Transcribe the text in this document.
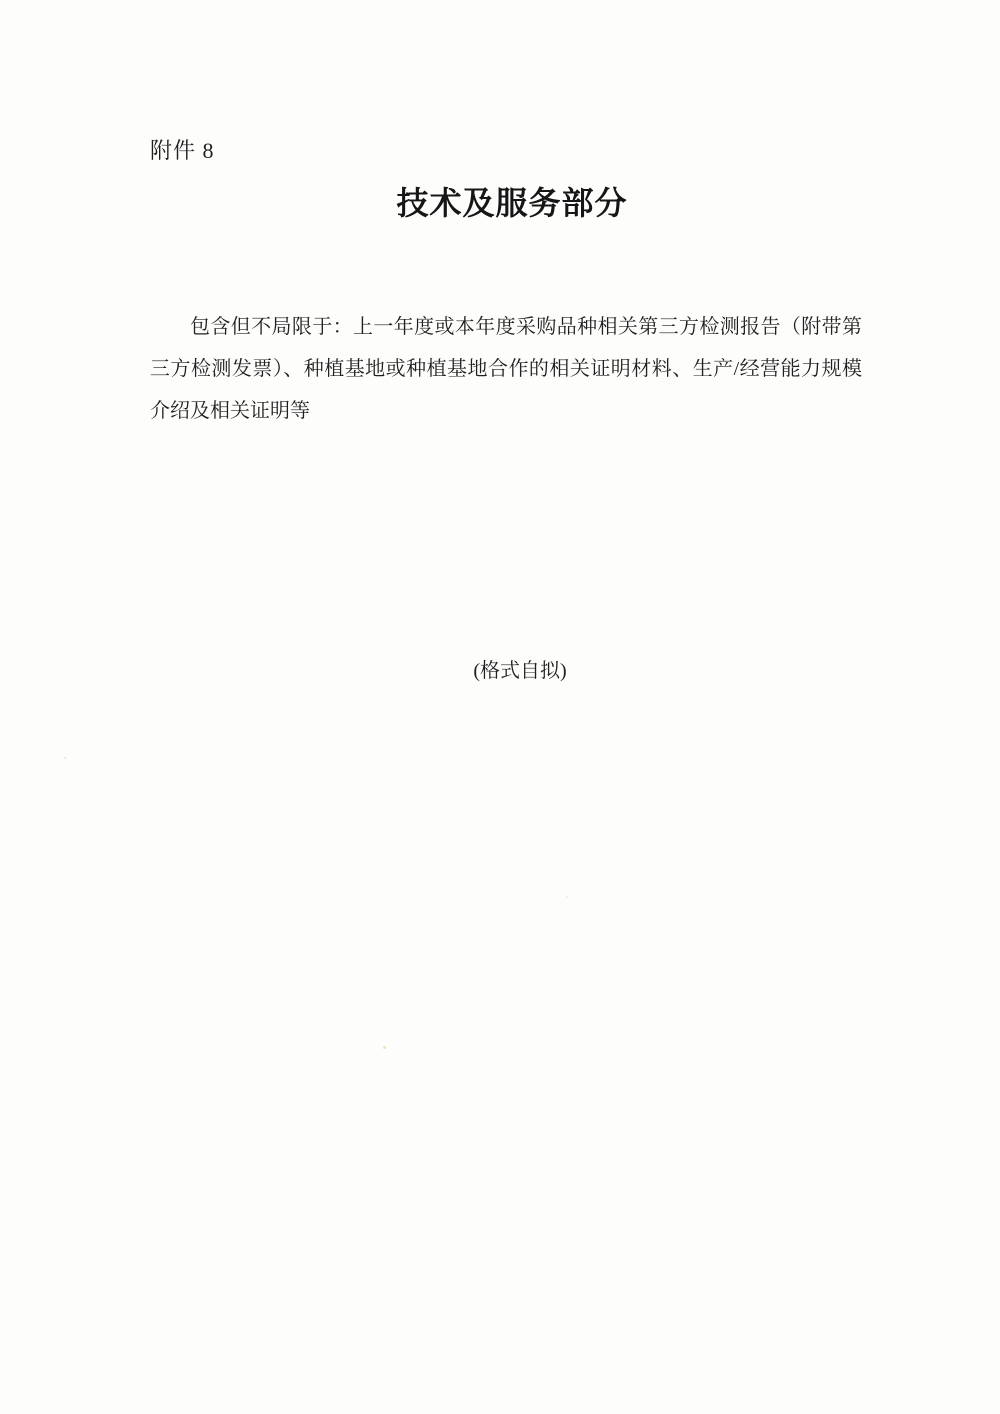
附件 8
技术及服务部分
包含但不局限于：上一年度或本年度采购品种相关第三方检测报告（附带第
三方检测发票）、种植基地或种植基地合作的相关证明材料、生产/经营能力规模
介绍及相关证明等
(格式自拟)
